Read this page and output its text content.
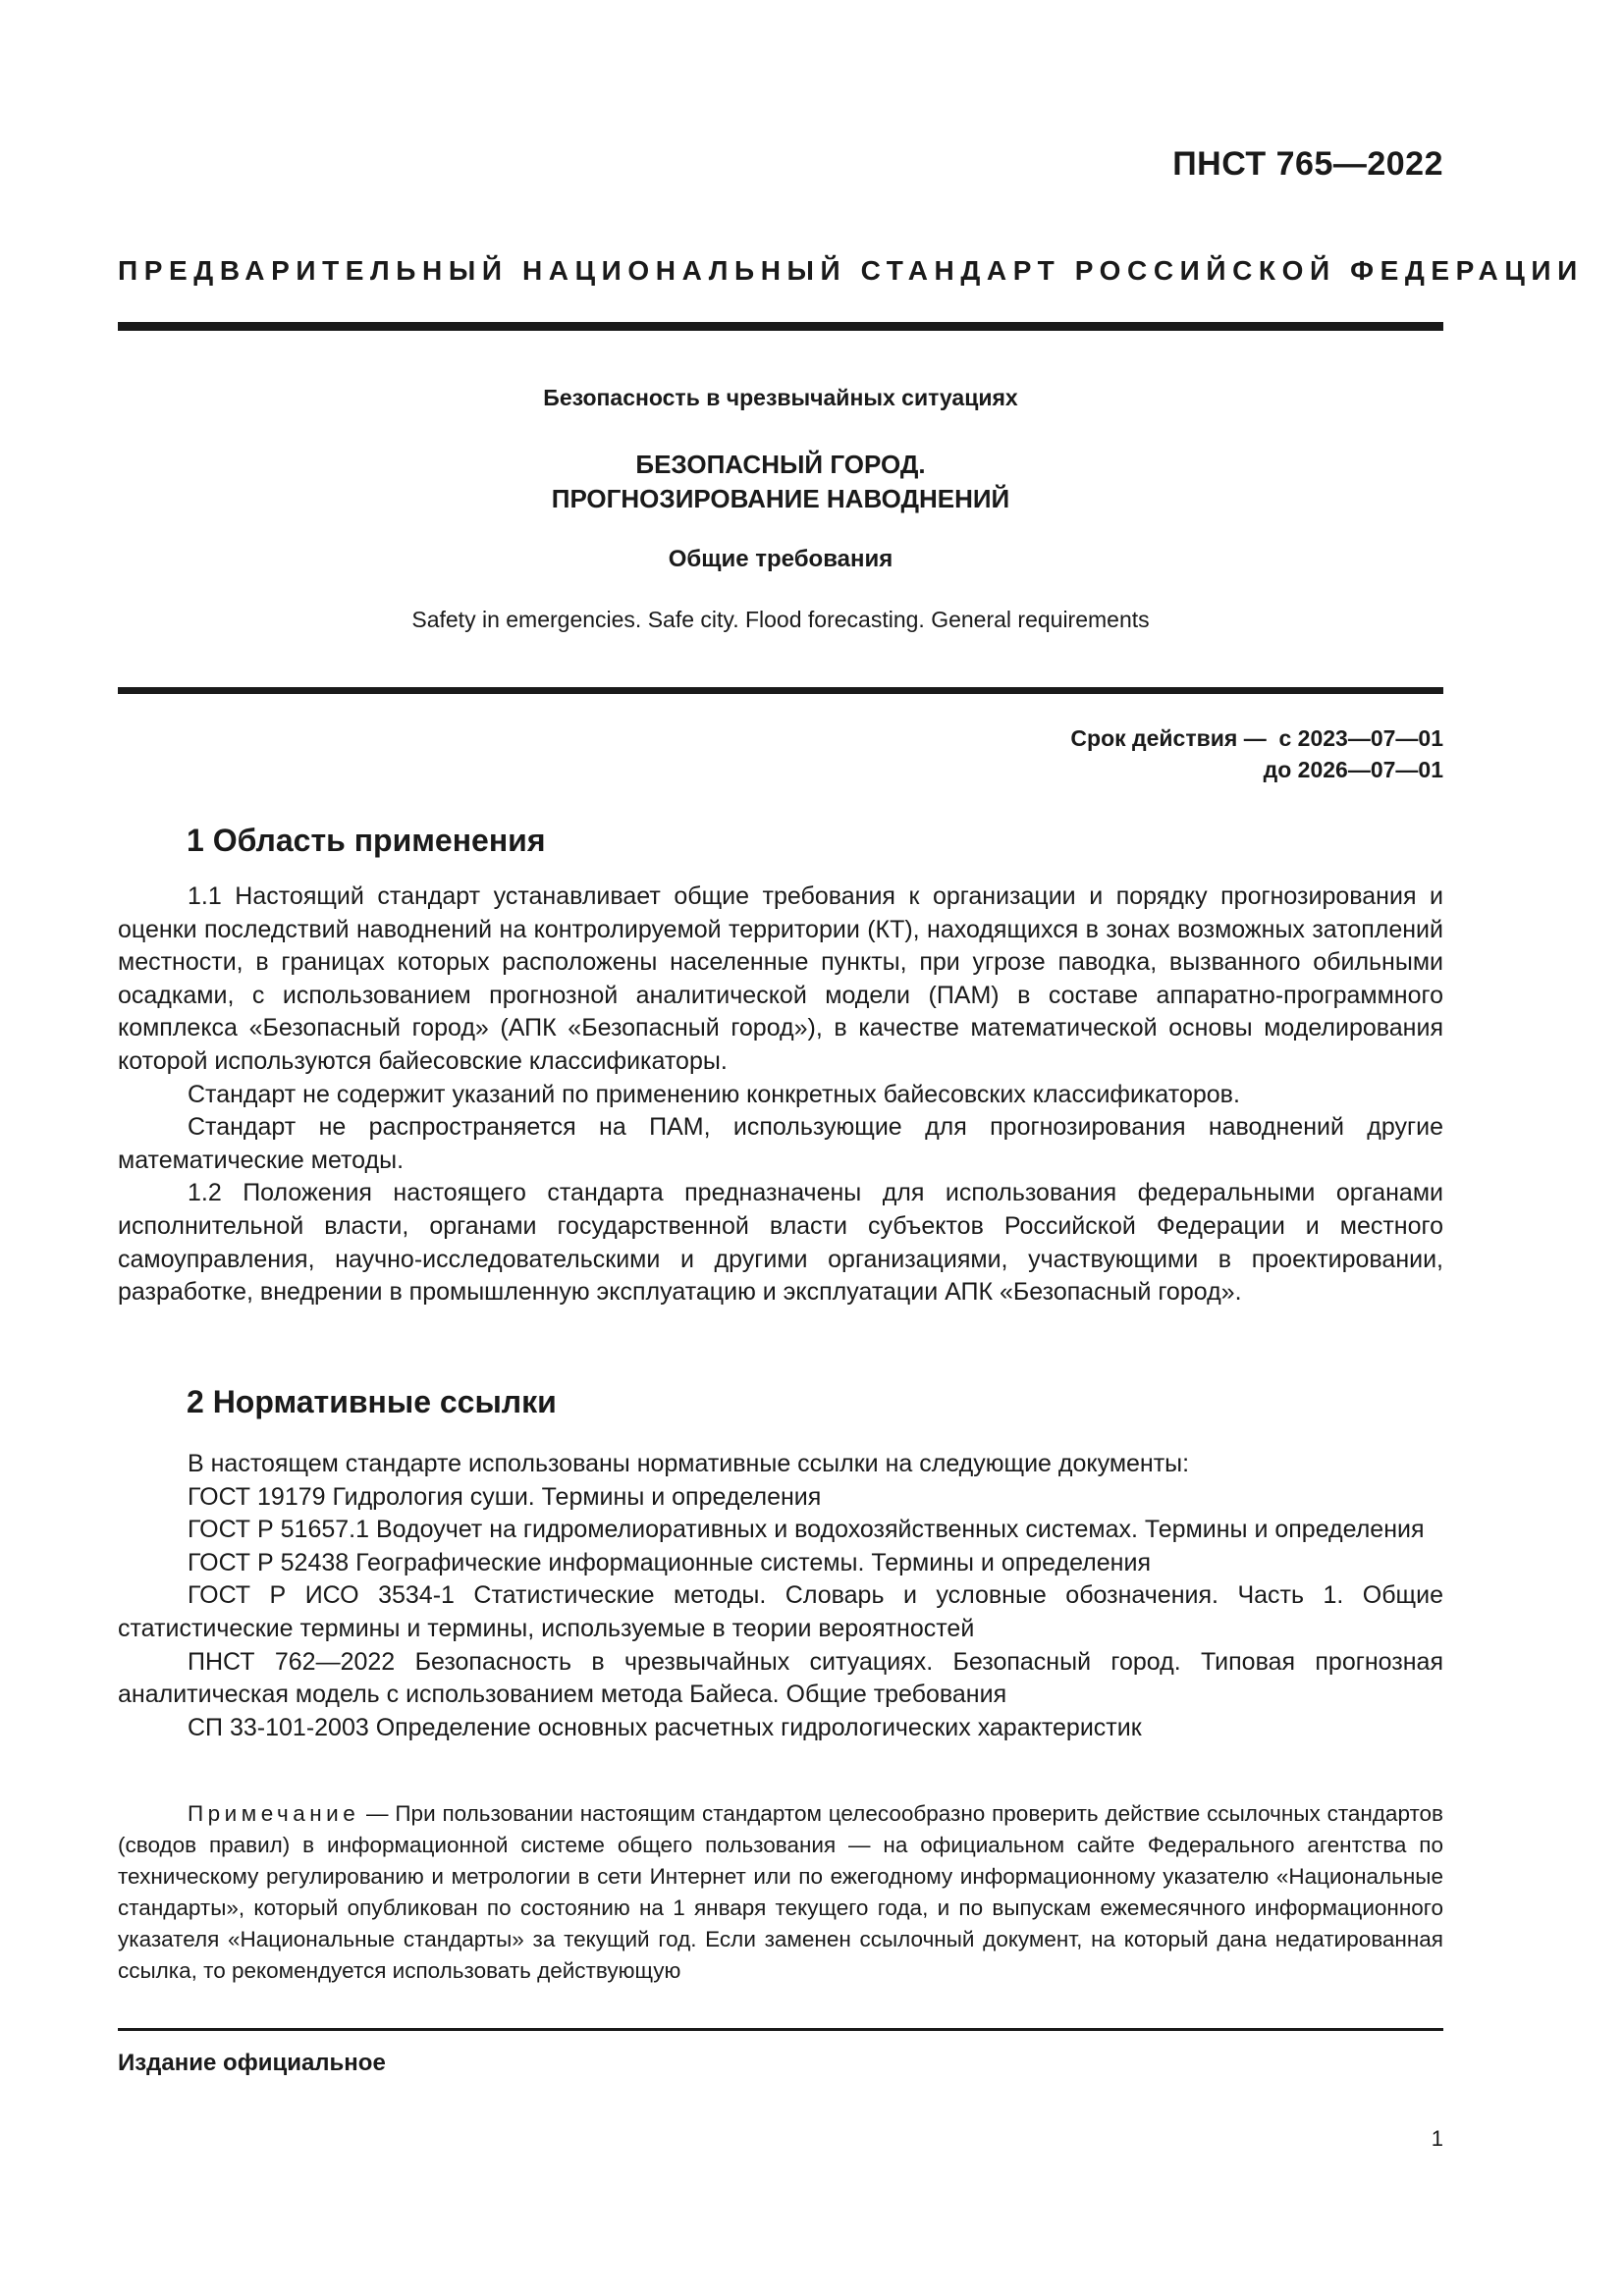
ПНСТ 765—2022
ПРЕДВАРИТЕЛЬНЫЙ НАЦИОНАЛЬНЫЙ СТАНДАРТ РОССИЙСКОЙ ФЕДЕРАЦИИ
Безопасность в чрезвычайных ситуациях
БЕЗОПАСНЫЙ ГОРОД.
ПРОГНОЗИРОВАНИЕ НАВОДНЕНИЙ
Общие требования
Safety in emergencies. Safe city. Flood forecasting. General requirements
Срок действия —  с 2023—07—01
до 2026—07—01
1 Область применения

1.1 Настоящий стандарт устанавливает общие требования к организации и порядку прогнозирования и оценки последствий наводнений на контролируемой территории (КТ), находящихся в зонах возможных затоплений местности, в границах которых расположены населенные пункты, при угрозе паводка, вызванного обильными осадками, с использованием прогнозной аналитической модели (ПАМ) в составе аппаратно-программного комплекса «Безопасный город» (АПК «Безопасный город»), в качестве математической основы моделирования которой используются байесовские классификаторы.

Стандарт не содержит указаний по применению конкретных байесовских классификаторов.

Стандарт не распространяется на ПАМ, использующие для прогнозирования наводнений другие математические методы.

1.2 Положения настоящего стандарта предназначены для использования федеральными органами исполнительной власти, органами государственной власти субъектов Российской Федерации и местного самоуправления, научно-исследовательскими и другими организациями, участвующими в проектировании, разработке, внедрении в промышленную эксплуатацию и эксплуатации АПК «Безопасный город».

2 Нормативные ссылки

В настоящем стандарте использованы нормативные ссылки на следующие документы:

ГОСТ 19179 Гидрология суши. Термины и определения

ГОСТ Р 51657.1 Водоучет на гидромелиоративных и водохозяйственных системах. Термины и определения

ГОСТ Р 52438 Географические информационные системы. Термины и определения

ГОСТ Р ИСО 3534-1 Статистические методы. Словарь и условные обозначения. Часть 1. Общие статистические термины и термины, используемые в теории вероятностей

ПНСТ 762—2022 Безопасность в чрезвычайных ситуациях. Безопасный город. Типовая прогнозная аналитическая модель с использованием метода Байеса. Общие требования

СП 33-101-2003 Определение основных расчетных гидрологических характеристик

Примечание — При пользовании настоящим стандартом целесообразно проверить действие ссылочных стандартов (сводов правил) в информационной системе общего пользования — на официальном сайте Федерального агентства по техническому регулированию и метрологии в сети Интернет или по ежегодному информационному указателю «Национальные стандарты», который опубликован по состоянию на 1 января текущего года, и по выпускам ежемесячного информационного указателя «Национальные стандарты» за текущий год. Если заменен ссылочный документ, на который дана недатированная ссылка, то рекомендуется использовать действующую
Издание официальное
1
